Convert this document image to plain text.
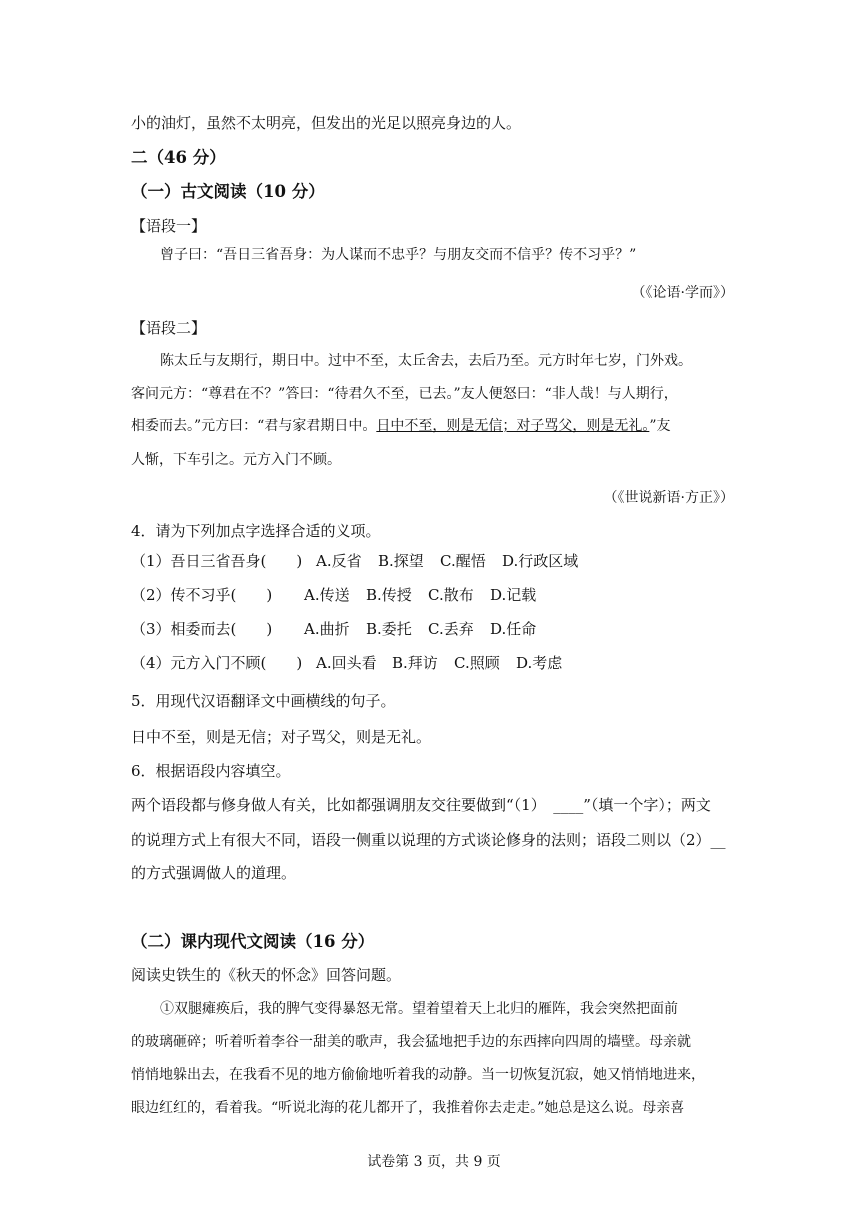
小的油灯，虽然不太明亮，但发出的光足以照亮身边的人。
二（46 分）
（一）古文阅读（10 分）
【语段一】
曾子曰：“吾日三省吾身：为人谋而不忠乎？与朋友交而不信乎？传不习乎？”
（《论语·学而》）
【语段二】
陈太丘与友期行，期日中。过中不至，太丘舍去，去后乃至。元方时年七岁，门外戏。
客问元方：“尊君在不？”答曰：“待君久不至，已去。”友人便怒曰：“非人哉！与人期行，
相委而去。”元方曰：“君与家君期日中。日中不至，则是无信；对子骂父，则是无礼。”友
人惭，下车引之。元方入门不顾。
（《世说新语·方正》）
4．请为下列加点字选择合适的义项。
（1）吾日三省吾身(　　) A.反省 B.探望 C.醒悟 D.行政区域
（2）传不习乎(　　) A.传送 B.传授 C.散布 D.记载
（3）相委而去(　　) A.曲折 B.委托 C.丢弃 D.任命
（4）元方入门不顾(　　) A.回头看 B.拜访 C.照顾 D.考虑
5．用现代汉语翻译文中画横线的句子。
日中不至，则是无信；对子骂父，则是无礼。
6．根据语段内容填空。
两个语段都与修身做人有关，比如都强调朋友交往要做到“（1）　____”（填一个字）；两文
的说理方式上有很大不同，语段一侧重以说理的方式谈论修身的法则；语段二则以（2）__
的方式强调做人的道理。
（二）课内现代文阅读（16 分）
阅读史铁生的《秋天的怀念》回答问题。
①双腿瘫痪后，我的脾气变得暴怒无常。望着望着天上北归的雁阵，我会突然把面前
的玻璃砸碎；听着听着李谷一甜美的歌声，我会猛地把手边的东西摔向四周的墙壁。母亲就
悄悄地躲出去，在我看不见的地方偷偷地听着我的动静。当一切恢复沉寂，她又悄悄地进来，
眼边红红的，看着我。“听说北海的花儿都开了，我推着你去走走。”她总是这么说。母亲喜
试卷第 3 页，共 9 页
